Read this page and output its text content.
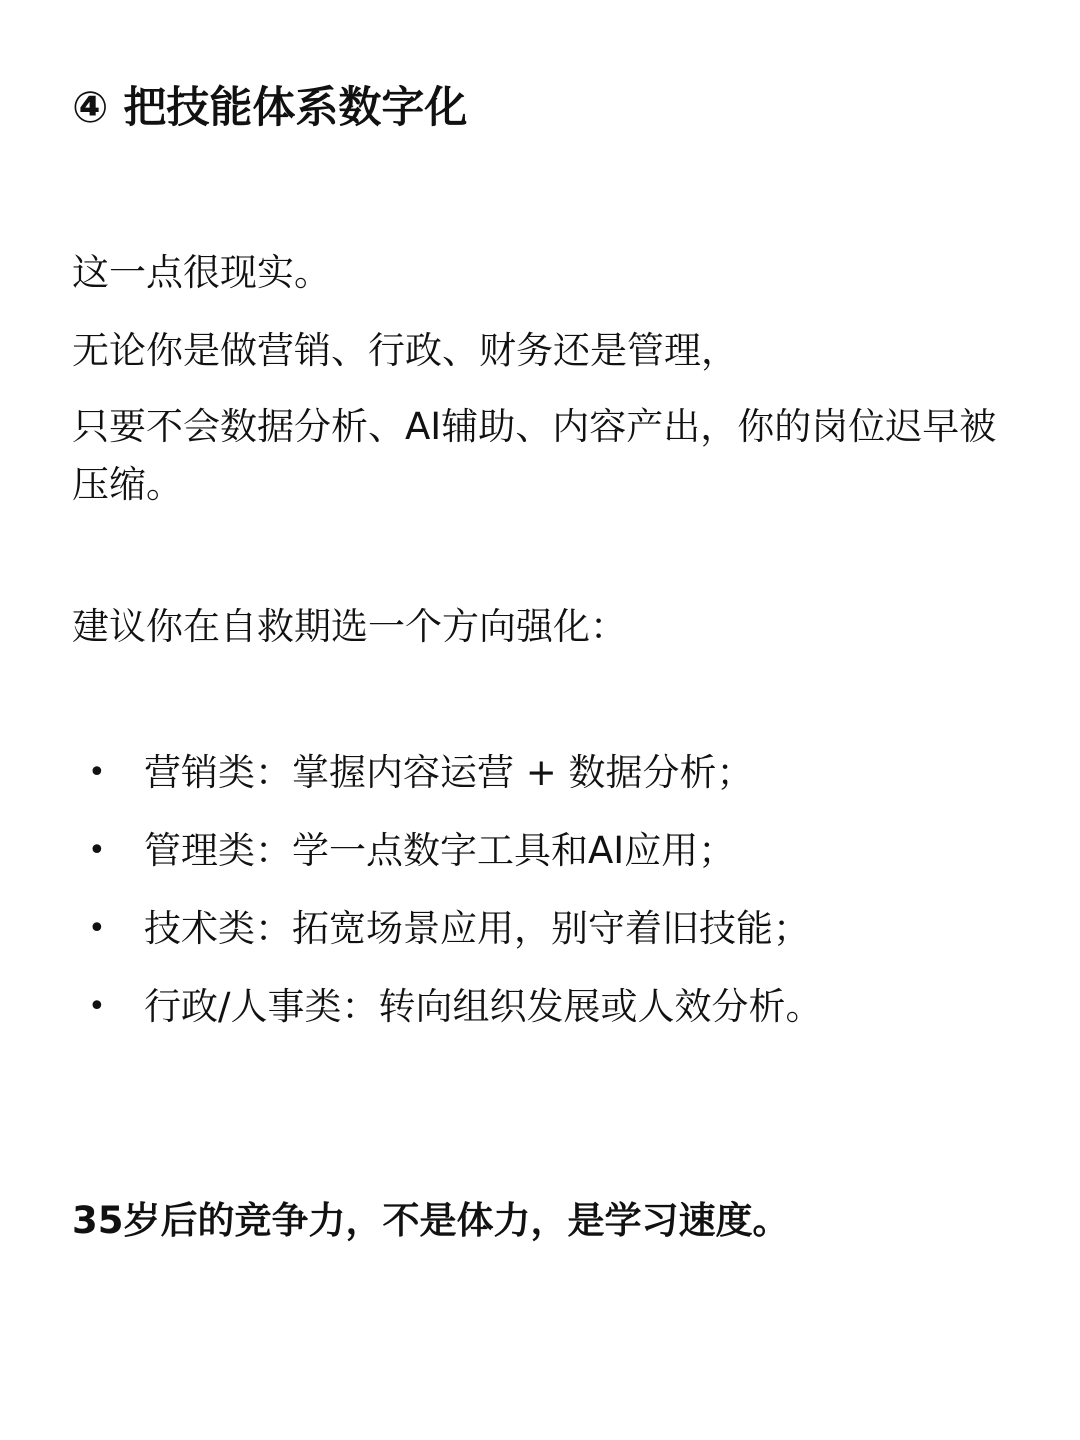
④ 把技能体系数字化

这一点很现实。

无论你是做营销、行政、财务还是管理，

只要不会数据分析、AI辅助、内容产出，你的岗位迟早被压缩。

建议你在自救期选一个方向强化：

•	营销类：掌握内容运营 + 数据分析；
•	管理类：学一点数字工具和AI应用；
•	技术类：拓宽场景应用，别守着旧技能；
•	行政/人事类：转向组织发展或人效分析。

35岁后的竞争力，不是体力，是学习速度。
